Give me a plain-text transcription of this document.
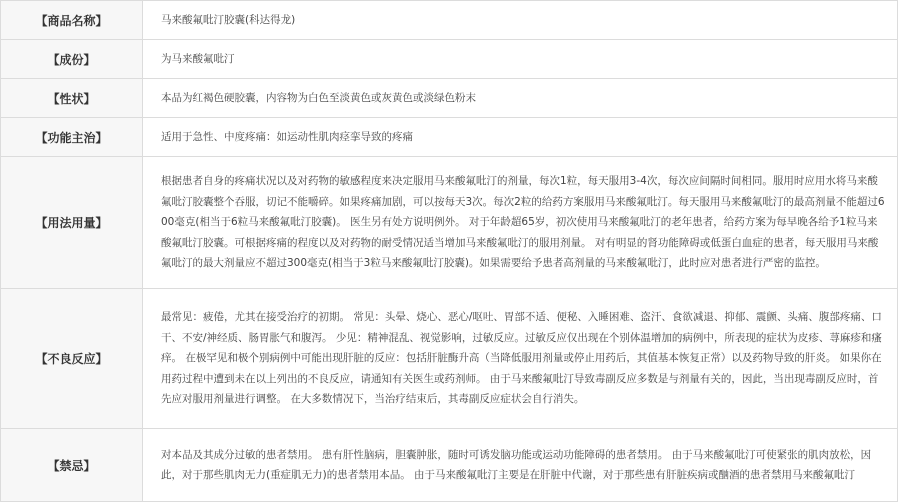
【 商品名称 】	马来酸氟吡汀胶囊(科达得龙)
【 成份 】	为马来酸氟吡汀
【 性状 】	本品为红褐色硬胶囊，内容物为白色至淡黄色或灰黄色或淡绿色粉末
【 功能主治 】	适用于急性、中度疼痛：如运动性肌肉痉挛导致的疼痛
【 用法用量 】	根据患者自身的疼痛状况以及对药物的敏感程度来决定服用马来酸氟吡汀的剂量，每次1粒，每天服用3-4次，每次应间隔时间相同。服用时应用水将马来酸氟吡汀胶囊整个吞服，切记不能嚼碎。如果疼痛加剧，可以按每天3次。每次2粒的给药方案服用马来酸氟吡汀。每天服用马来酸氟吡汀的最高剂量不能超过600毫克(相当于6粒马来酸氟吡汀胶囊)。 医生另有处方说明例外。 对于年龄超65岁，初次使用马来酸氟吡汀的老年患者，给药方案为每早晚各给予1粒马来酸氟吡汀胶囊。可根据疼痛的程度以及对药物的耐受情况适当增加马来酸氟吡汀的服用剂量。 对有明显的肾功能障碍或低蛋白血症的患者，每天服用马来酸氟吡汀的最大剂量应不超过300毫克(相当于3粒马来酸氟吡汀胶囊)。如果需要给予患者高剂量的马来酸氟吡汀，此时应对患者进行严密的监控。
【 不良反应 】	最常见：疲倦，尤其在接受治疗的初期。 常见：头晕、烧心、恶心/呕吐、胃部不适、便秘、入睡困难、盗汗、食欲减退、抑郁、震颤、头痛、腹部疼痛、口干、不安/神经质、肠胃胀气和腹泻。 少见：精神混乱、视觉影响，过敏反应。过敏反应仅出现在个别体温增加的病例中，所表现的症状为皮疹、荨麻疹和瘙痒。 在极罕见和极个别病例中可能出现肝脏的反应：包括肝脏酶升高（当降低服用剂量或停止用药后，其值基本恢复正常）以及药物导致的肝炎。 如果你在用药过程中遭到未在以上列出的不良反应，请通知有关医生或药剂师。 由于马来酸氟吡汀导致毒副反应多数是与剂量有关的，因此，当出现毒副反应时，首先应对服用剂量进行调整。 在大多数情况下，当治疗结束后，其毒副反应症状会自行消失。
【 禁忌 】	对本品及其成分过敏的患者禁用。 患有肝性脑病，胆囊肿胀，随时可诱发脑功能或运动功能障碍的患者禁用。 由于马来酸氟吡汀可使紧张的肌肉放松，因此，对于那些肌肉无力(重症肌无力)的患者禁用本品。 由于马来酸氟吡汀主要是在肝脏中代谢，对于那些患有肝脏疾病或酗酒的患者禁用马来酸氟吡汀
